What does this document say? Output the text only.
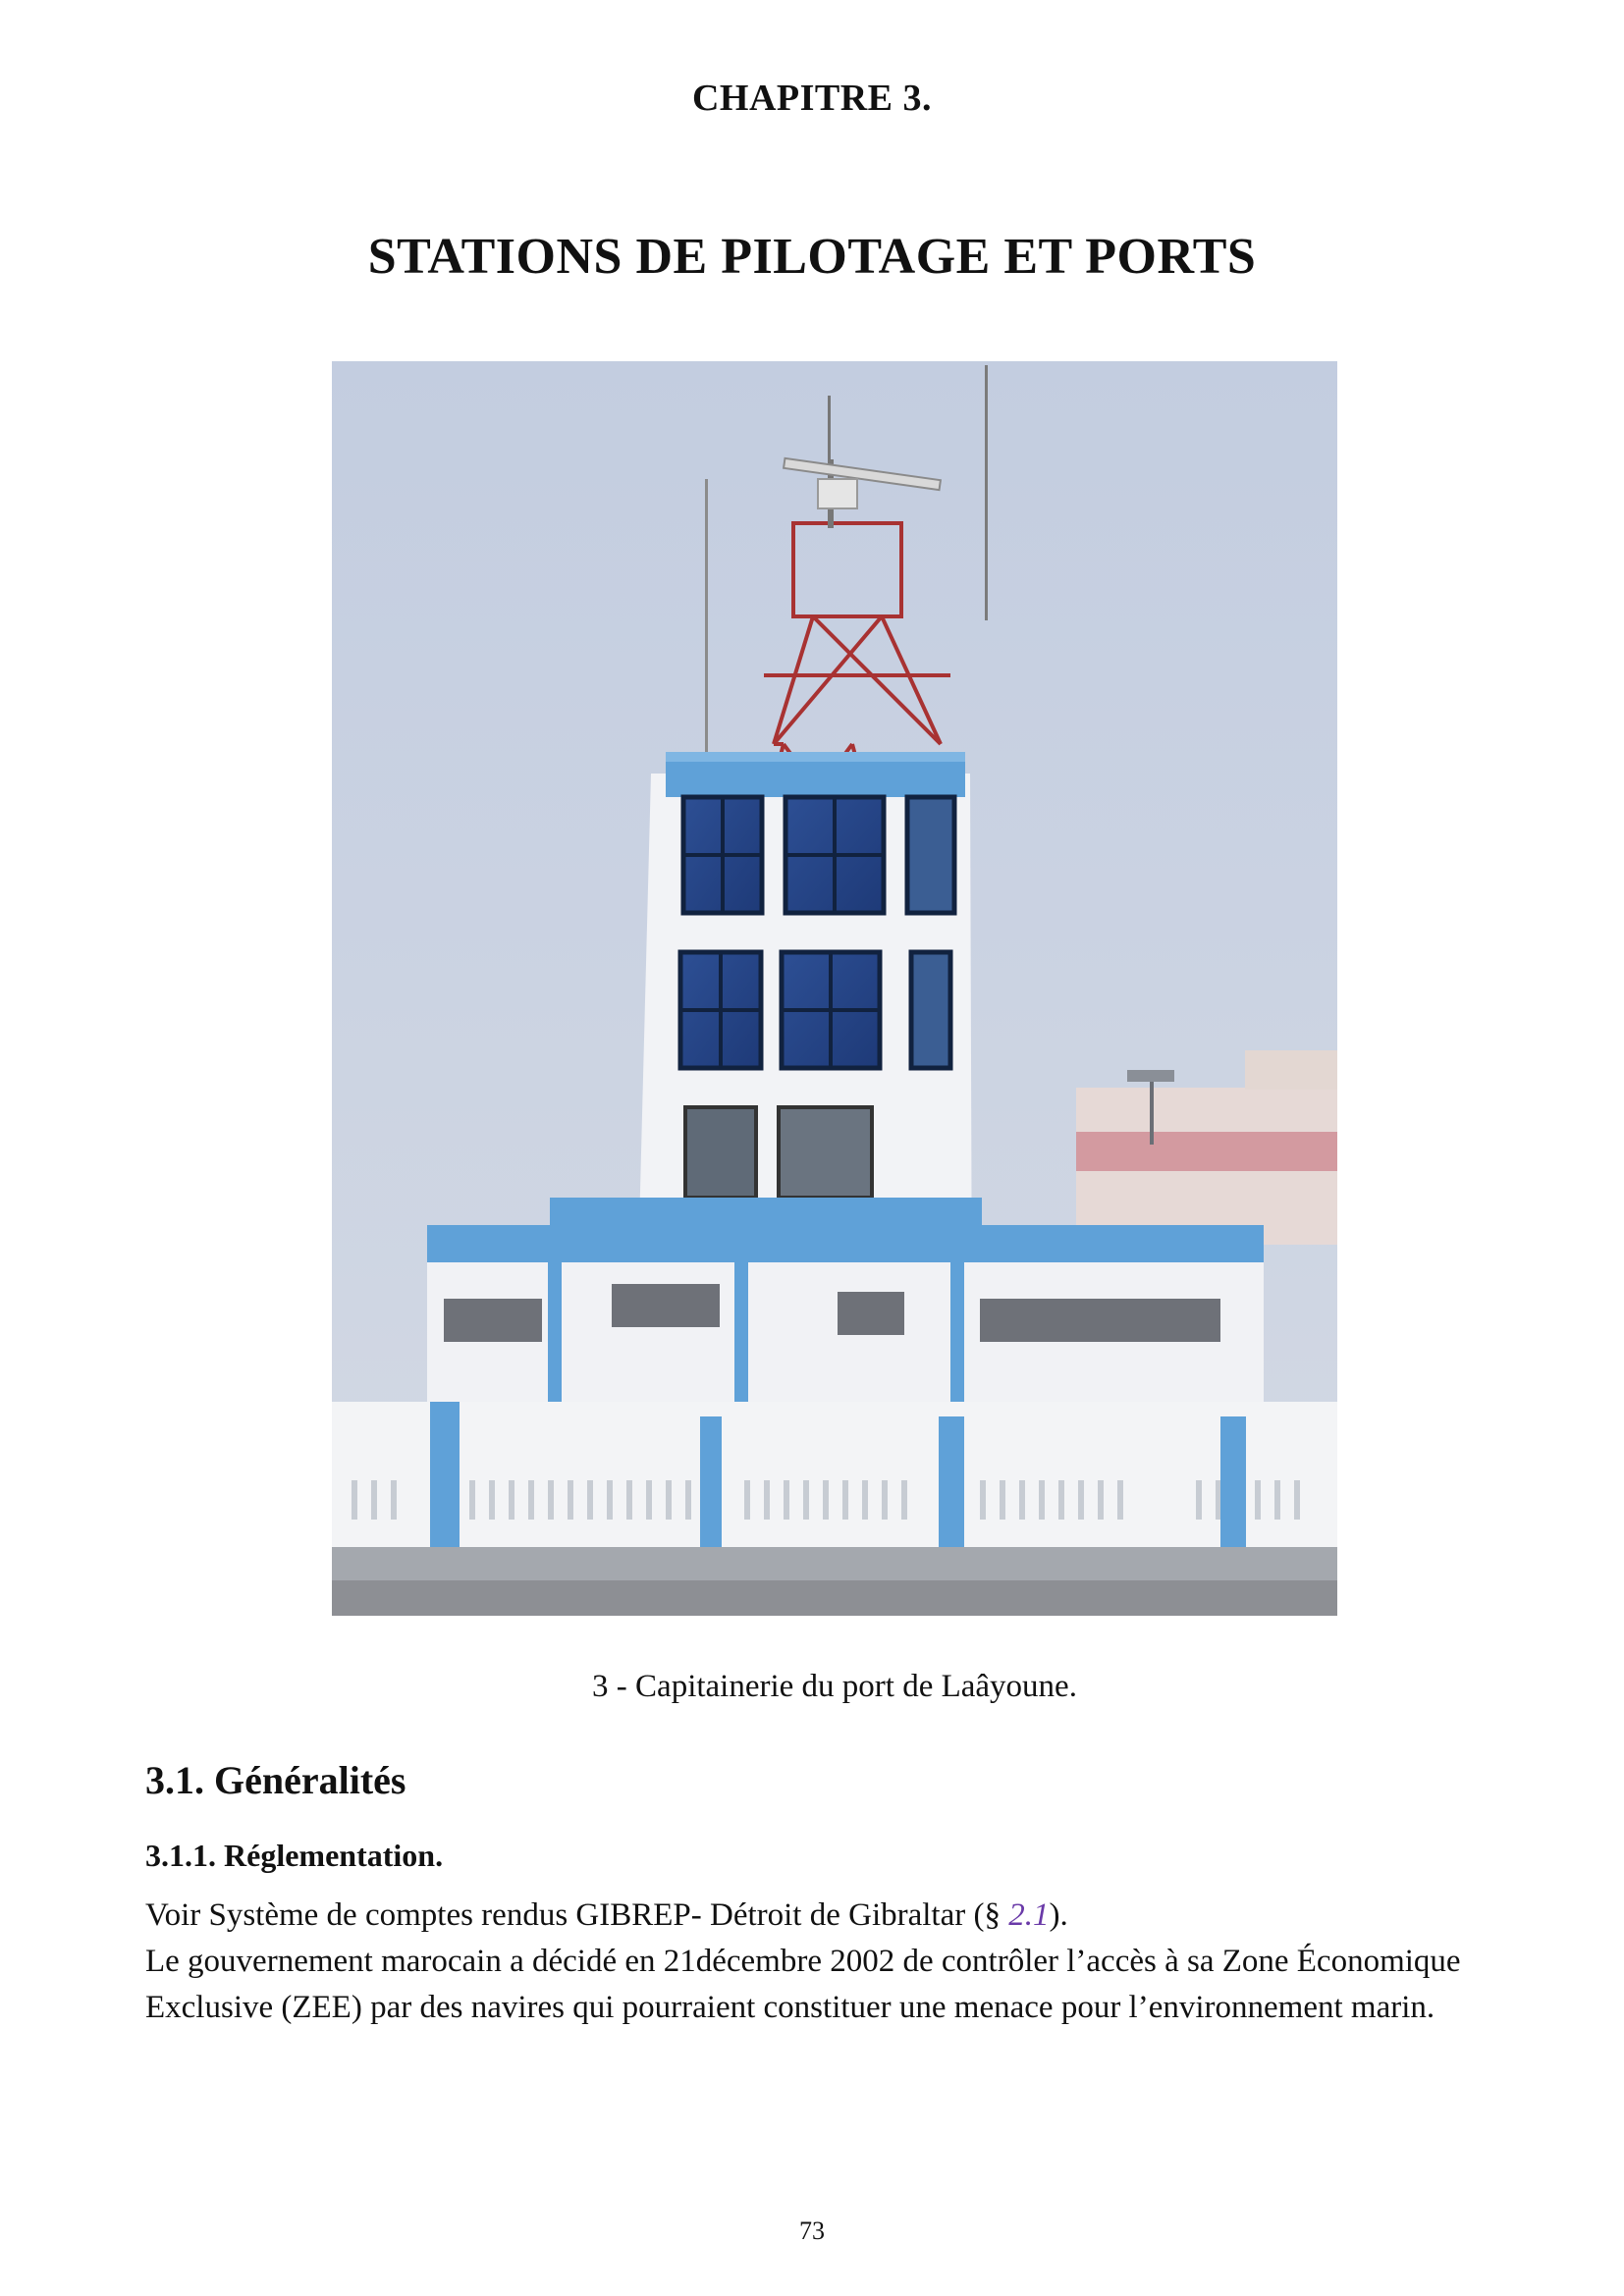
CHAPITRE 3.
STATIONS DE PILOTAGE ET PORTS
3 - Capitainerie du port de Laâyoune.
3.1. Généralités
3.1.1. Réglementation.

Voir Système de comptes rendus GIBREP- Détroit de Gibraltar (§ 2.1).

Le gouvernement marocain a décidé en 21décembre 2002 de contrôler l’accès à sa Zone Économique Exclusive (ZEE) par des navires qui pourraient constituer une menace pour l’environnement marin.

73
